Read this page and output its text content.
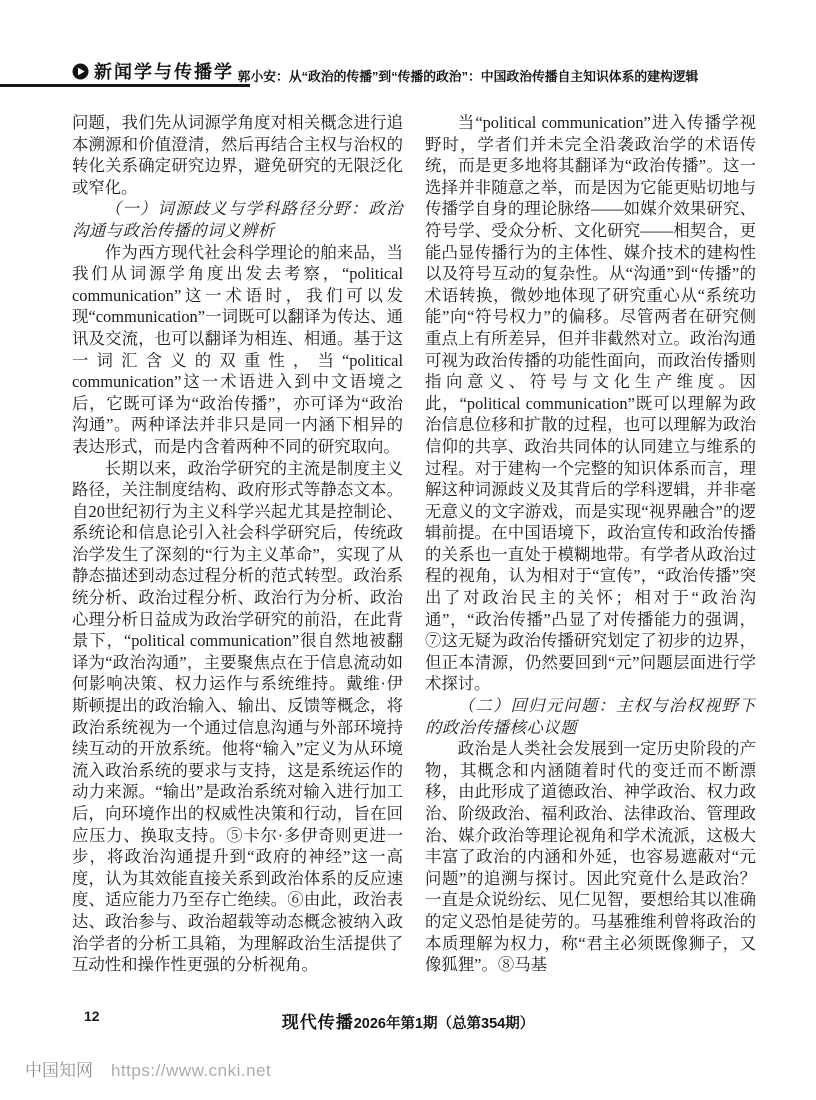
新闻学与传播学 郭小安：从“政治的传播”到“传播的政治”：中国政治传播自主知识体系的建构逻辑

问题，我们先从词源学角度对相关概念进行追本溯源和价值澄清，然后再结合主权与治权的转化关系确定研究边界，避免研究的无限泛化或窄化。

（一）词源歧义与学科路径分野：政治沟通与政治传播的词义辨析

作为西方现代社会科学理论的舶来品，当我们从词源学角度出发去考察，“political communication”这一术语时，我们可以发现“communication”一词既可以翻译为传达、通讯及交流，也可以翻译为相连、相通。基于这一词汇含义的双重性，当“political communication”这一术语进入到中文语境之后，它既可译为“政治传播”，亦可译为“政治沟通”。两种译法并非只是同一内涵下相异的表达形式，而是内含着两种不同的研究取向。

长期以来，政治学研究的主流是制度主义路径，关注制度结构、政府形式等静态文本。自20世纪初行为主义科学兴起尤其是控制论、系统论和信息论引入社会科学研究后，传统政治学发生了深刻的“行为主义革命”，实现了从静态描述到动态过程分析的范式转型。政治系统分析、政治过程分析、政治行为分析、政治心理分析日益成为政治学研究的前沿，在此背景下，“political communication”很自然地被翻译为“政治沟通”，主要聚焦点在于信息流动如何影响决策、权力运作与系统维持。戴维·伊斯顿提出的政治输入、输出、反馈等概念，将政治系统视为一个通过信息沟通与外部环境持续互动的开放系统。他将“输入”定义为从环境流入政治系统的要求与支持，这是系统运作的动力来源。“输出”是政治系统对输入进行加工后，向环境作出的权威性决策和行动，旨在回应压力、换取支持。⑤卡尔·多伊奇则更进一步，将政治沟通提升到“政府的神经”这一高度，认为其效能直接关系到政治体系的反应速度、适应能力乃至存亡绝续。⑥由此，政治表达、政治参与、政治超载等动态概念被纳入政治学者的分析工具箱，为理解政治生活提供了互动性和操作性更强的分析视角。

当“political communication”进入传播学视野时，学者们并未完全沿袭政治学的术语传统，而是更多地将其翻译为“政治传播”。这一选择并非随意之举，而是因为它能更贴切地与传播学自身的理论脉络——如媒介效果研究、符号学、受众分析、文化研究——相契合，更能凸显传播行为的主体性、媒介技术的建构性以及符号互动的复杂性。从“沟通”到“传播”的术语转换，微妙地体现了研究重心从“系统功能”向“符号权力”的偏移。尽管两者在研究侧重点上有所差异，但并非截然对立。政治沟通可视为政治传播的功能性面向，而政治传播则指向意义、符号与文化生产维度。因此，“political communication”既可以理解为政治信息位移和扩散的过程，也可以理解为政治信仰的共享、政治共同体的认同建立与维系的过程。对于建构一个完整的知识体系而言，理解这种词源歧义及其背后的学科逻辑，并非毫无意义的文字游戏，而是实现“视界融合”的逻辑前提。在中国语境下，政治宣传和政治传播的关系也一直处于模糊地带。有学者从政治过程的视角，认为相对于“宣传”，“政治传播”突出了对政治民主的关怀；相对于“政治沟通”，“政治传播”凸显了对传播能力的强调，⑦这无疑为政治传播研究划定了初步的边界，但正本清源，仍然要回到“元”问题层面进行学术探讨。

（二）回归元问题：主权与治权视野下的政治传播核心议题

政治是人类社会发展到一定历史阶段的产物，其概念和内涵随着时代的变迁而不断漂移，由此形成了道德政治、神学政治、权力政治、阶级政治、福利政治、法律政治、管理政治、媒介政治等理论视角和学术流派，这极大丰富了政治的内涵和外延，也容易遮蔽对“元问题”的追溯与探讨。因此究竟什么是政治？一直是众说纷纭、见仁见智，要想给其以准确的定义恐怕是徒劳的。马基雅维利曾将政治的本质理解为权力，称“君主必须既像狮子，又像狐狸”。⑧马基

12	现代传播2026年第1期（总第354期）
中国知网 https://www.cnki.net
